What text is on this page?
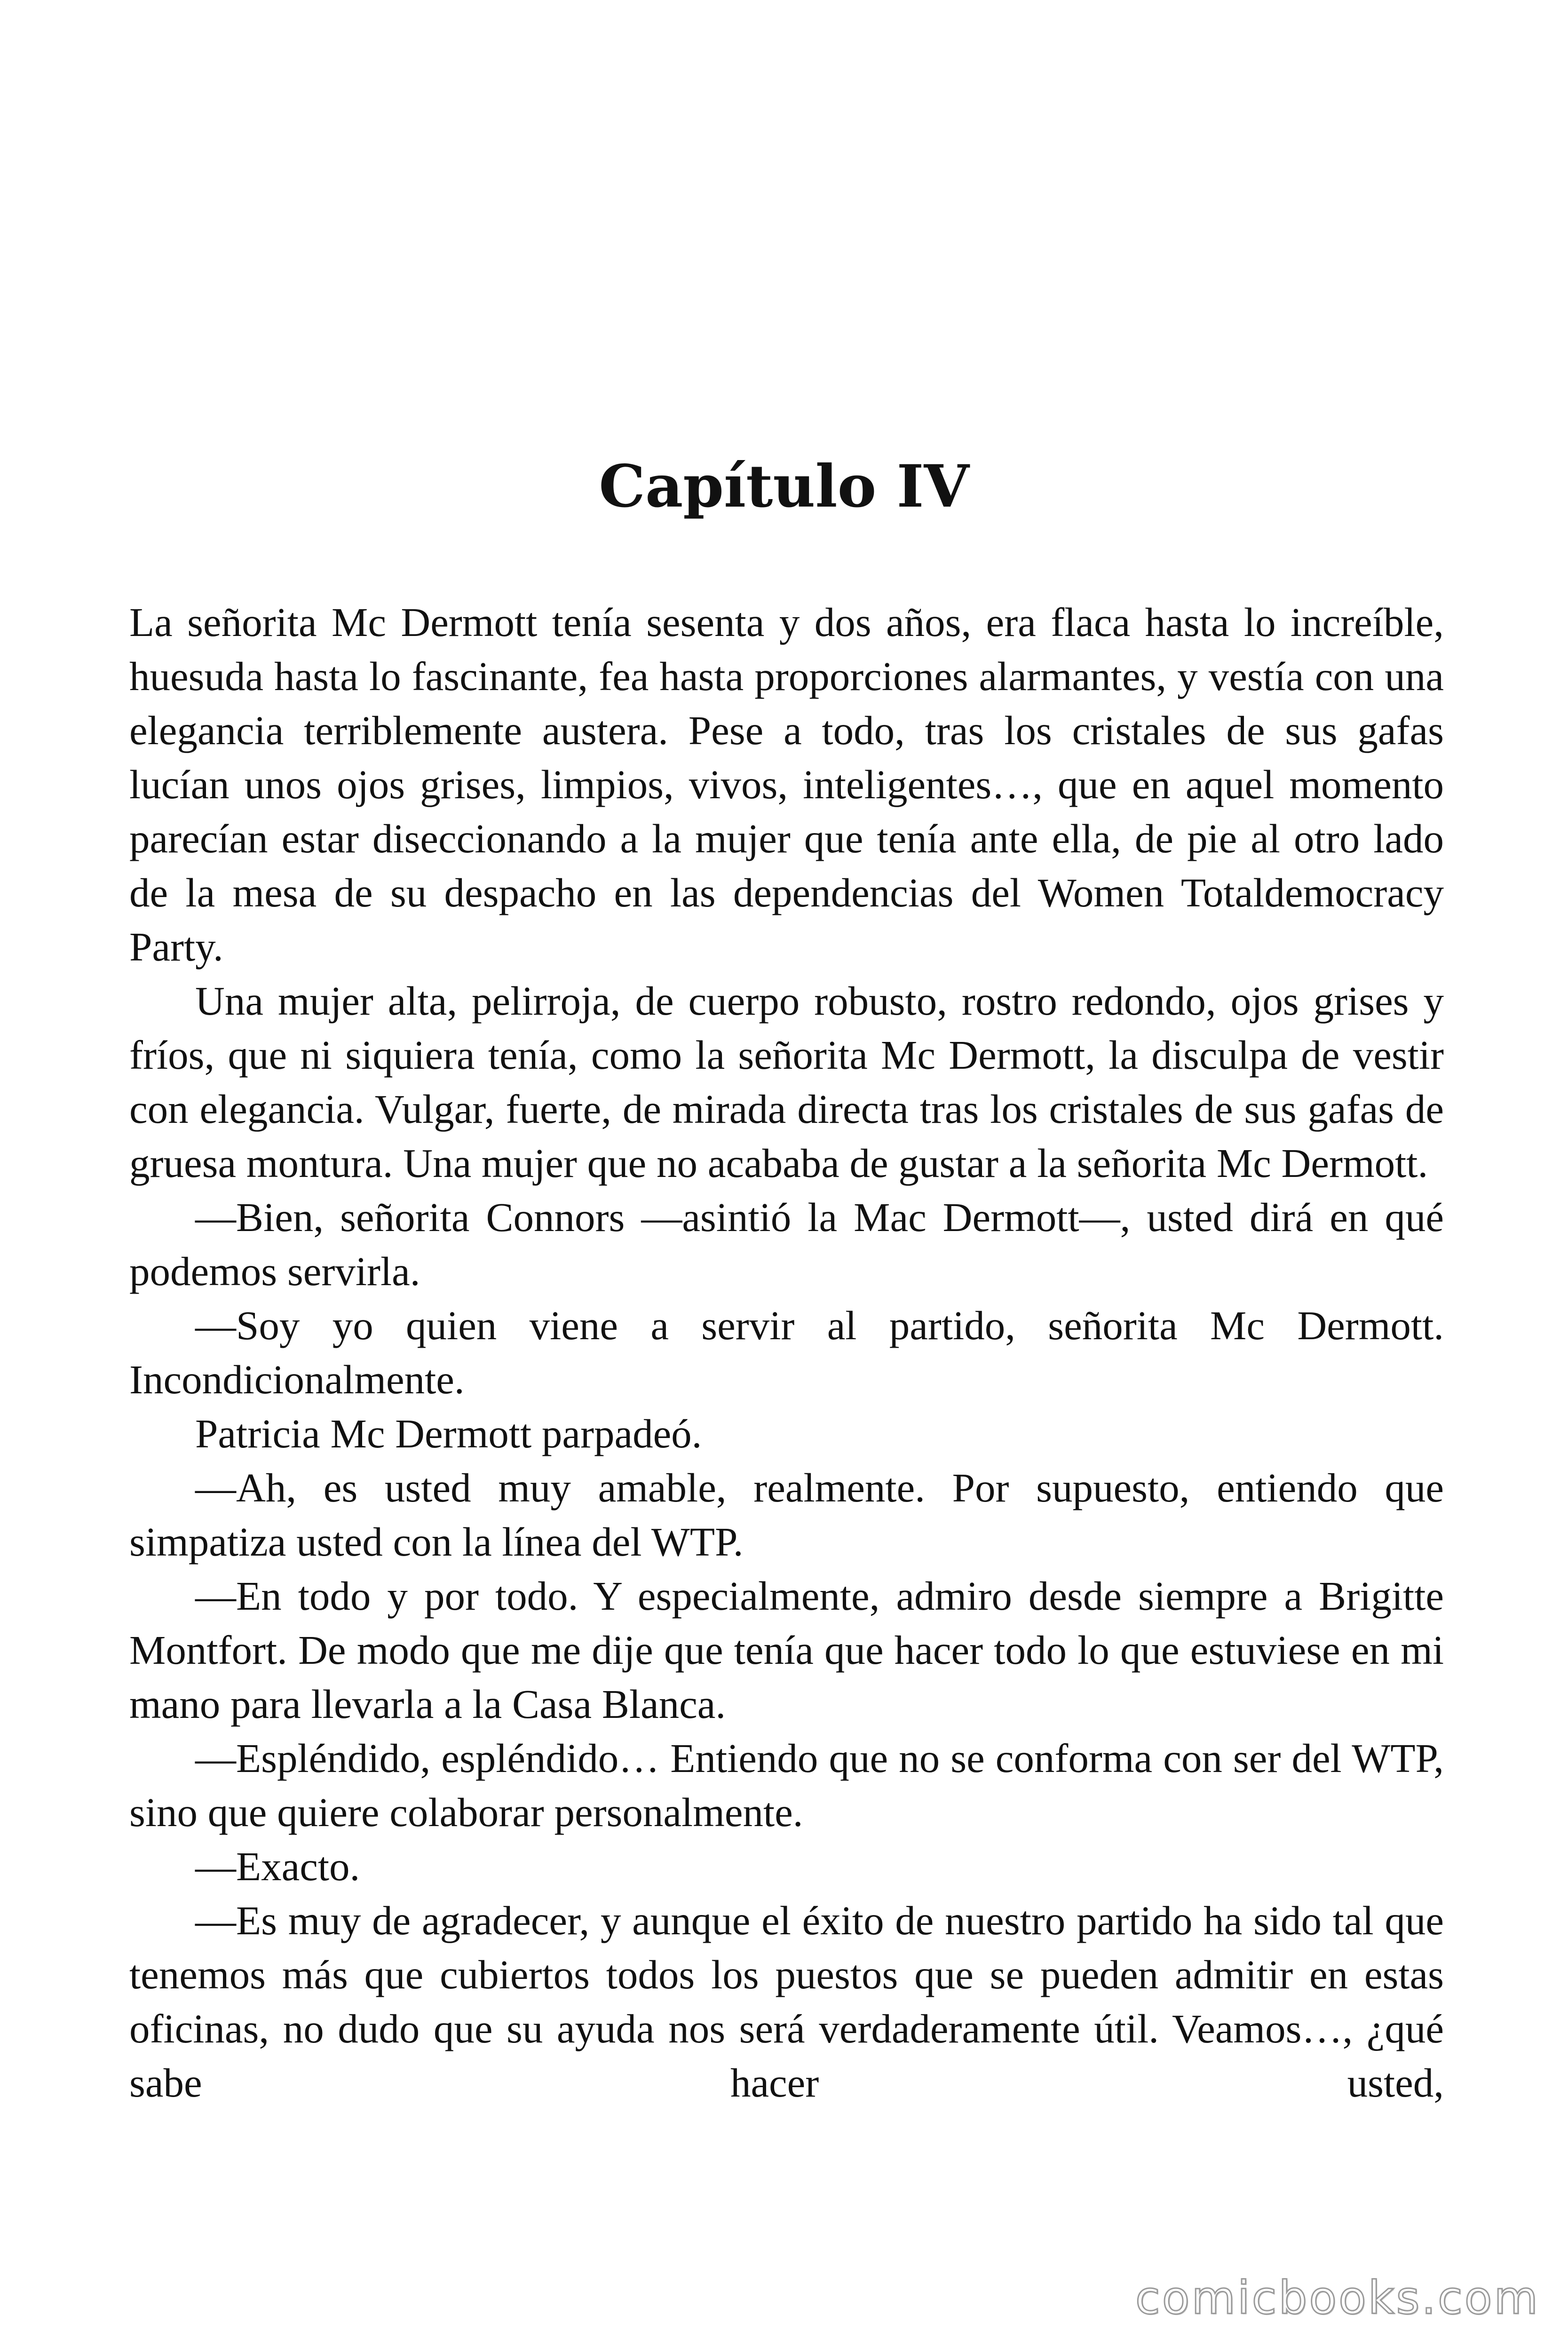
Capítulo IV

La señorita Mc Dermott tenía sesenta y dos años, era flaca hasta lo increíble, huesuda hasta lo fascinante, fea hasta proporciones alarmantes, y vestía con una elegancia terriblemente austera. Pese a todo, tras los cristales de sus gafas lucían unos ojos grises, limpios, vivos, inteligentes…, que en aquel momento parecían estar diseccionando a la mujer que tenía ante ella, de pie al otro lado de la mesa de su despacho en las dependencias del Women Totaldemocracy Party.

Una mujer alta, pelirroja, de cuerpo robusto, rostro redondo, ojos grises y fríos, que ni siquiera tenía, como la señorita Mc Dermott, la disculpa de vestir con elegancia. Vulgar, fuerte, de mirada directa tras los cristales de sus gafas de gruesa montura. Una mujer que no acababa de gustar a la señorita Mc Dermott.

—Bien, señorita Connors —asintió la Mac Dermott—, usted dirá en qué podemos servirla.

—Soy yo quien viene a servir al partido, señorita Mc Dermott. Incondicionalmente.

Patricia Mc Dermott parpadeó.

—Ah, es usted muy amable, realmente. Por supuesto, entiendo que simpatiza usted con la línea del WTP.

—En todo y por todo. Y especialmente, admiro desde siempre a Brigitte Montfort. De modo que me dije que tenía que hacer todo lo que estuviese en mi mano para llevarla a la Casa Blanca.

—Espléndido, espléndido… Entiendo que no se conforma con ser del WTP, sino que quiere colaborar personalmente.

—Exacto.

—Es muy de agradecer, y aunque el éxito de nuestro partido ha sido tal que tenemos más que cubiertos todos los puestos que se pueden admitir en estas oficinas, no dudo que su ayuda nos será verdaderamente útil. Veamos…, ¿qué sabe hacer usted,

comicbooks.com
